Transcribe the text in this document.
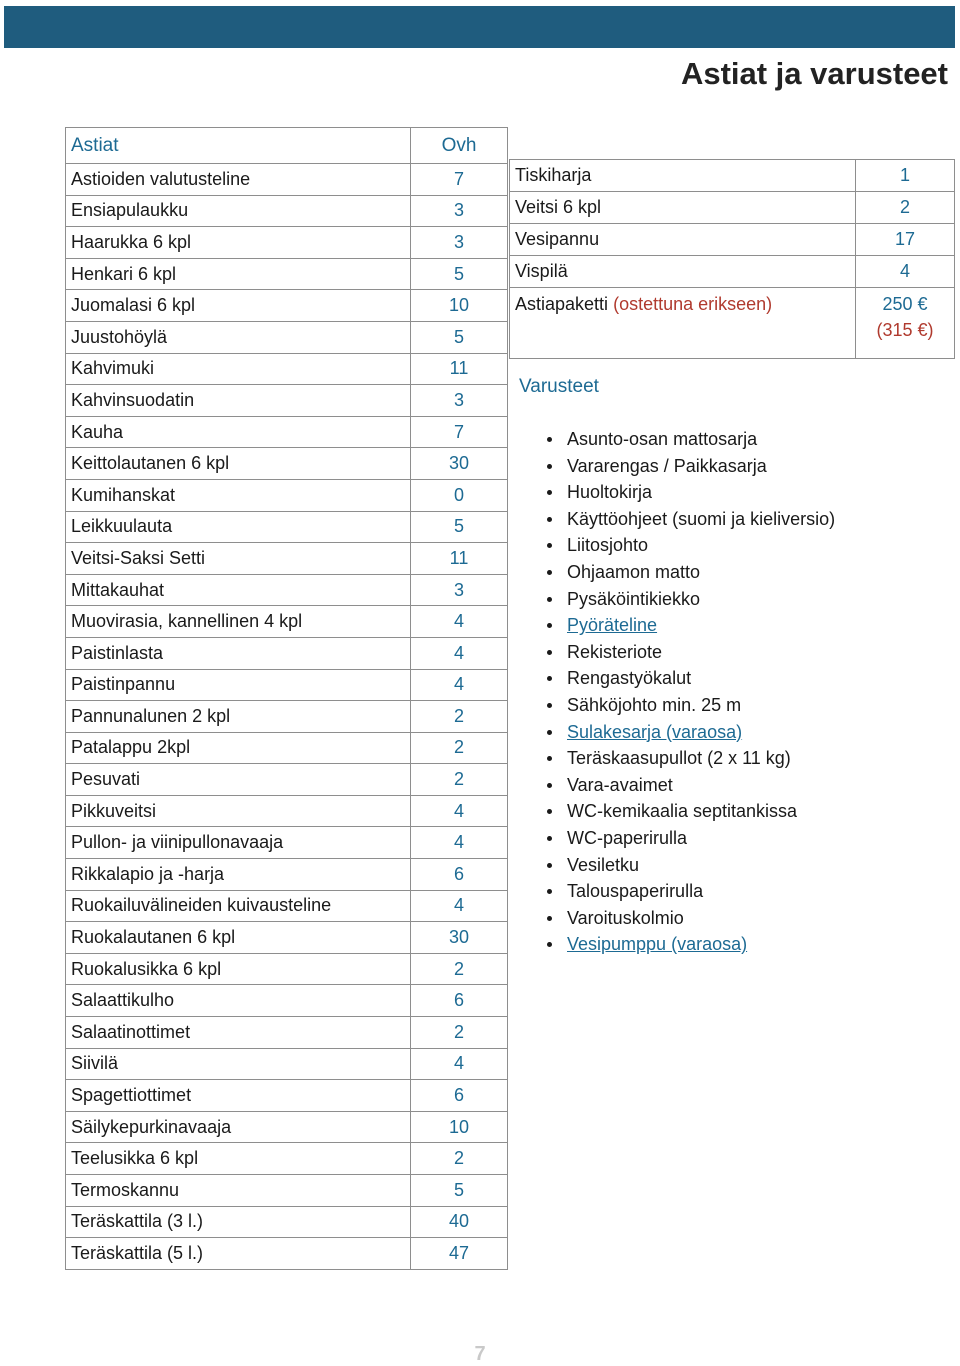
Astiat ja varusteet
Astiat	Ovh
Astioiden valutusteline	7
Ensiapulaukku	3
Haarukka 6 kpl	3
Henkari 6 kpl	5
Juomalasi 6 kpl	10
Juustohöylä	5
Kahvimuki	11
Kahvinsuodatin	3
Kauha	7
Keittolautanen 6 kpl	30
Kumihanskat	0
Leikkuulauta	5
Veitsi-Saksi Setti	11
Mittakauhat	3
Muovirasia, kannellinen 4 kpl	4
Paistinlasta	4
Paistinpannu	4
Pannunalunen 2 kpl	2
Patalappu 2kpl	2
Pesuvati	2
Pikkuveitsi	4
Pullon- ja viinipullonavaaja	4
Rikkalapio ja -harja	6
Ruokailuvälineiden kuivausteline	4
Ruokalautanen 6 kpl	30
Ruokalusikka 6 kpl	2
Salaattikulho	6
Salaatinottimet	2
Siivilä	4
Spagettiottimet	6
Säilykepurkinavaaja	10
Teelusikka 6 kpl	2
Termoskannu	5
Teräskattila (3 l.)	40
Teräskattila (5 l.)	47
Tiskiharja	1
Veitsi 6 kpl	2
Vesipannu	17
Vispilä	4
Astiapaketti (ostettuna erikseen)	250 €
(315 €)
Varusteet
Asunto-osan mattosarja
Vararengas / Paikkasarja
Huoltokirja
Käyttöohjeet (suomi ja kieliversio)
Liitosjohto
Ohjaamon matto
Pysäköintikiekko
Pyöräteline
Rekisteriote
Rengastyökalut
Sähköjohto min. 25 m
Sulakesarja (varaosa)
Teräskaasupullot (2 x 11 kg)
Vara-avaimet
WC-kemikaalia septitankissa
WC-paperirulla
Vesiletku
Talouspaperirulla
Varoituskolmio
Vesipumppu (varaosa)
7
